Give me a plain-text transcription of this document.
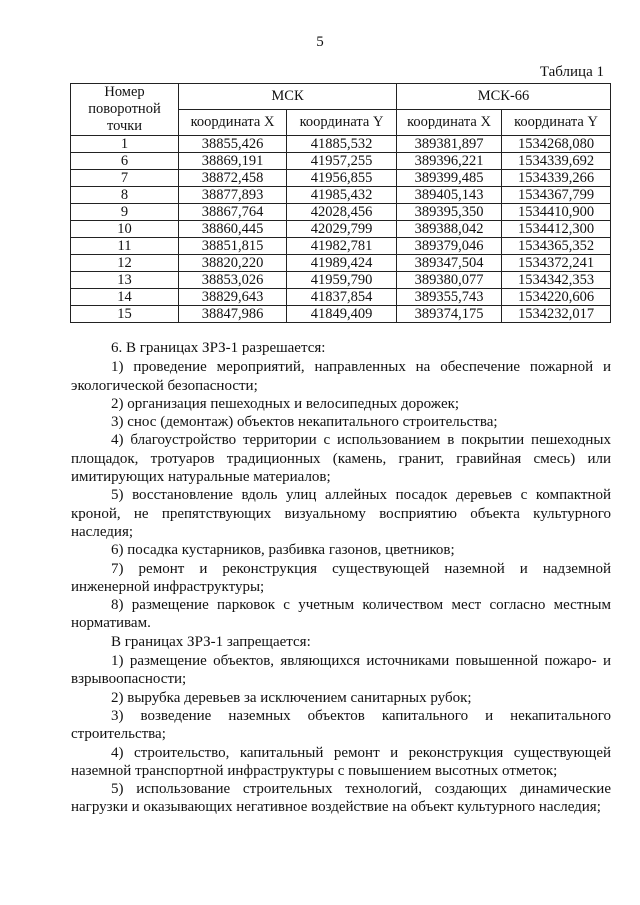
5
Таблица 1
Номер
поворотной
точки	МСК		МСК-66	
	координата X	координата Y	координата X	координата Y
1	38855,426	41885,532	389381,897	1534268,080
6	38869,191	41957,255	389396,221	1534339,692
7	38872,458	41956,855	389399,485	1534339,266
8	38877,893	41985,432	389405,143	1534367,799
9	38867,764	42028,456	389395,350	1534410,900
10	38860,445	42029,799	389388,042	1534412,300
11	38851,815	41982,781	389379,046	1534365,352
12	38820,220	41989,424	389347,504	1534372,241
13	38853,026	41959,790	389380,077	1534342,353
14	38829,643	41837,854	389355,743	1534220,606
15	38847,986	41849,409	389374,175	1534232,017

6. В границах ЗРЗ-1 разрешается:

1) проведение мероприятий, направленных на обеспечение пожарной и экологической безопасности;

2) организация пешеходных и велосипедных дорожек;

3) снос (демонтаж) объектов некапитального строительства;

4) благоустройство территории с использованием в покрытии пешеходных площадок, тротуаров традиционных (камень, гранит, гравийная смесь) или имитирующих натуральные материалов;

5) восстановление вдоль улиц аллейных посадок деревьев с компактной кроной, не препятствующих визуальному восприятию объекта культурного наследия;

6) посадка кустарников, разбивка газонов, цветников;

7) ремонт и реконструкция существующей наземной и надземной инженерной инфраструктуры;

8) размещение парковок с учетным количеством мест согласно местным нормативам.

В границах ЗРЗ-1 запрещается:

1) размещение объектов, являющихся источниками повышенной пожаро- и взрывоопасности;

2) вырубка деревьев за исключением санитарных рубок;

3) возведение наземных объектов капитального и некапитального строительства;

4) строительство, капитальный ремонт и реконструкция существующей наземной транспортной инфраструктуры с повышением высотных отметок;

5) использование строительных технологий, создающих динамические нагрузки и оказывающих негативное воздействие на объект культурного наследия;
